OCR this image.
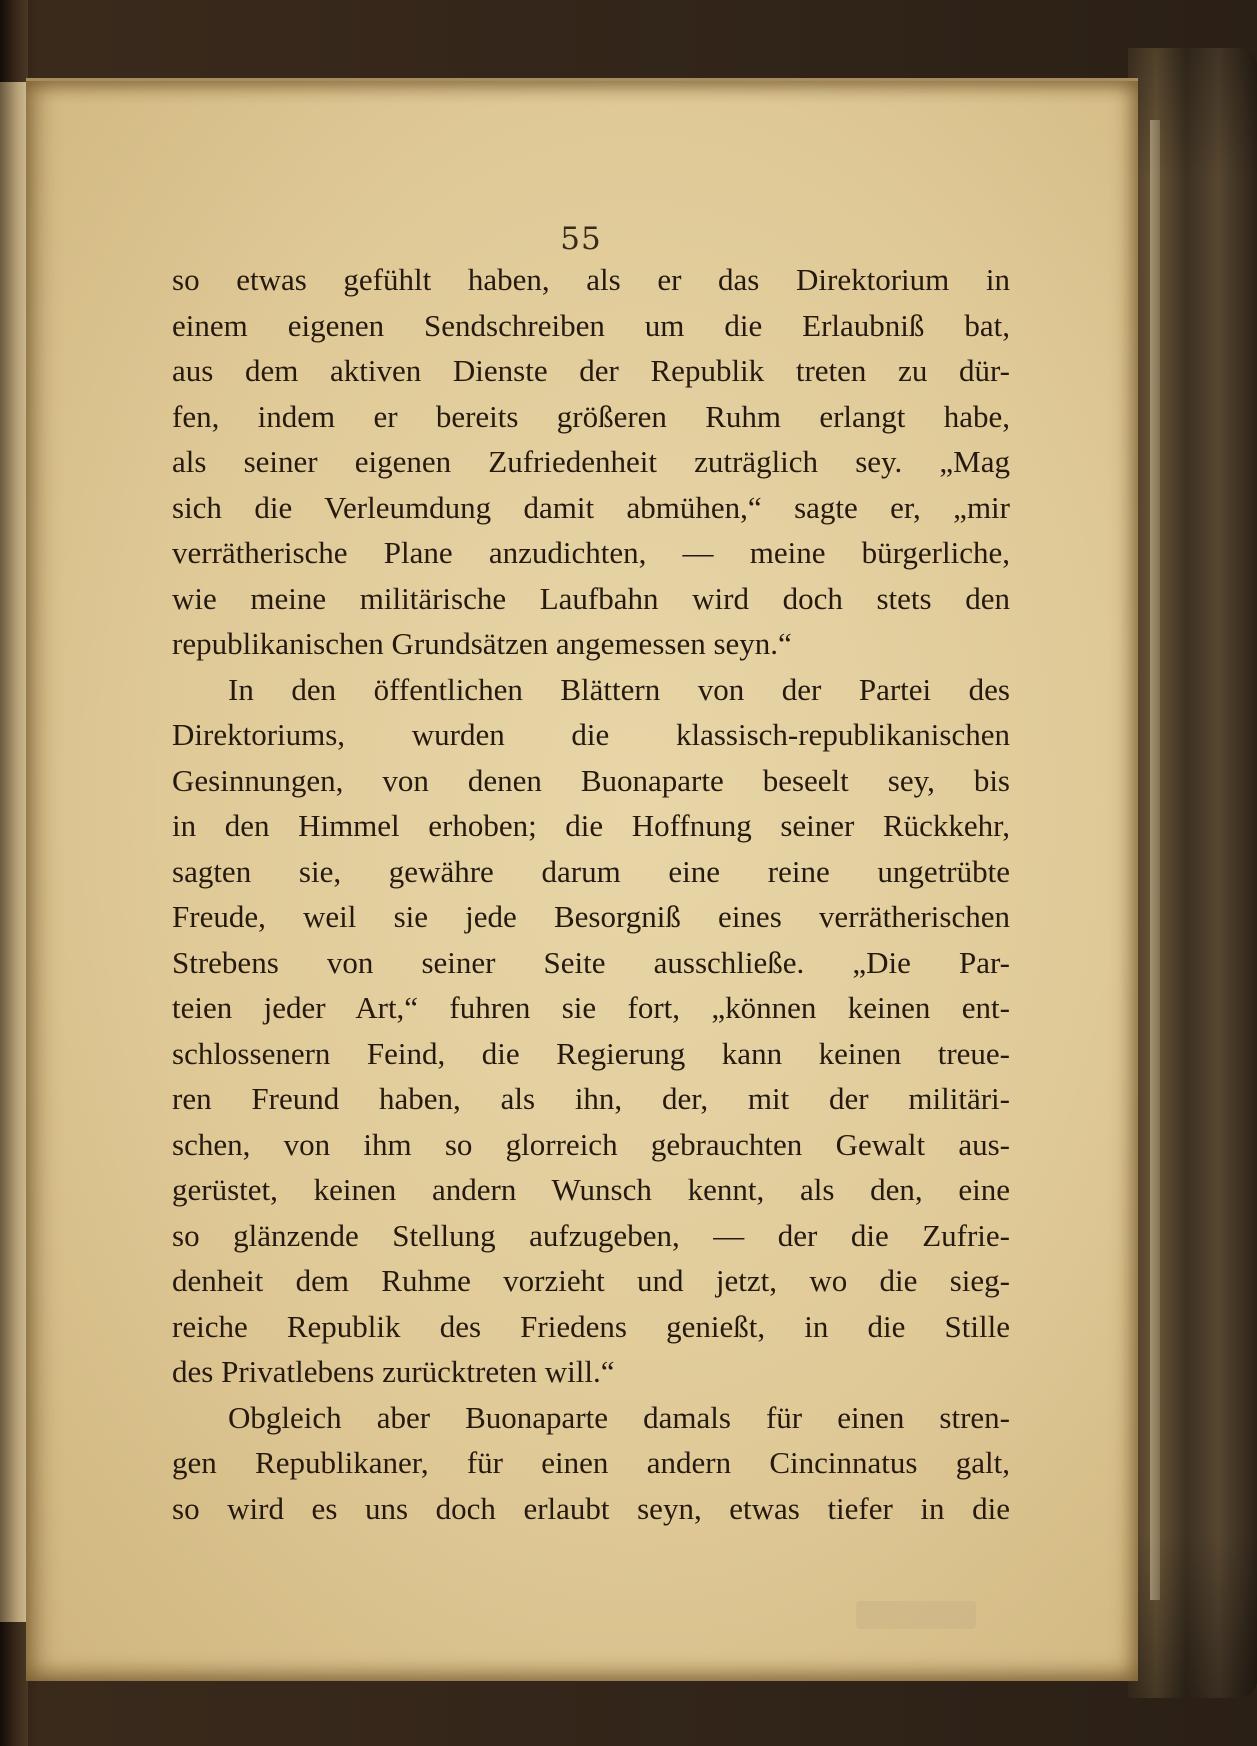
55
so etwas gefühlt haben, als er das Direktorium in
einem eigenen Sendschreiben um die Erlaubniß bat,
aus dem aktiven Dienste der Republik treten zu dür-
fen, indem er bereits größeren Ruhm erlangt habe,
als seiner eigenen Zufriedenheit zuträglich sey. „Mag
sich die Verleumdung damit abmühen,“ sagte er, „mir
verrätherische Plane anzudichten, — meine bürgerliche,
wie meine militärische Laufbahn wird doch stets den
republikanischen Grundsätzen angemessen seyn.“
In den öffentlichen Blättern von der Partei des
Direktoriums, wurden die klassisch-republikanischen
Gesinnungen, von denen Buonaparte beseelt sey, bis
in den Himmel erhoben; die Hoffnung seiner Rückkehr,
sagten sie, gewähre darum eine reine ungetrübte
Freude, weil sie jede Besorgniß eines verrätherischen
Strebens von seiner Seite ausschließe. „Die Par-
teien jeder Art,“ fuhren sie fort, „können keinen ent-
schlossenern Feind, die Regierung kann keinen treue-
ren Freund haben, als ihn, der, mit der militäri-
schen, von ihm so glorreich gebrauchten Gewalt aus-
gerüstet, keinen andern Wunsch kennt, als den, eine
so glänzende Stellung aufzugeben, — der die Zufrie-
denheit dem Ruhme vorzieht und jetzt, wo die sieg-
reiche Republik des Friedens genießt, in die Stille
des Privatlebens zurücktreten will.“
Obgleich aber Buonaparte damals für einen stren-
gen Republikaner, für einen andern Cincinnatus galt,
so wird es uns doch erlaubt seyn, etwas tiefer in die
